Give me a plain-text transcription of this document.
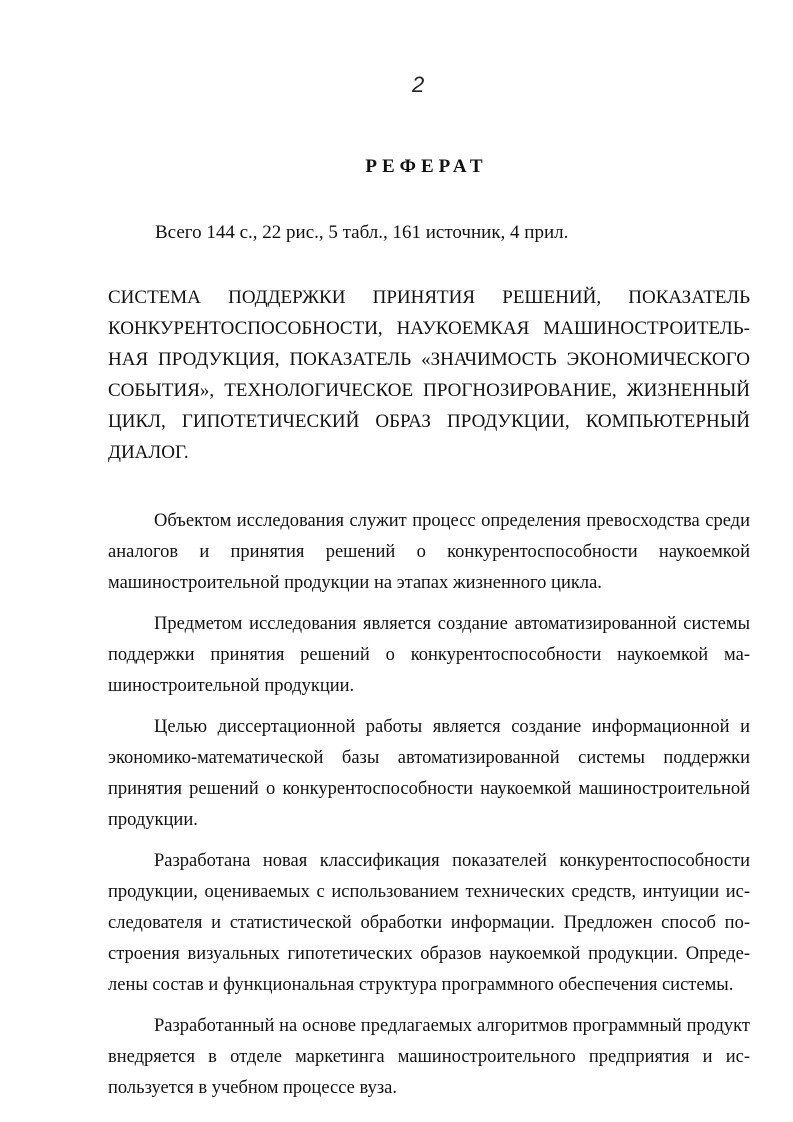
2
РЕФЕРАТ
Всего 144 с., 22 рис., 5 табл., 161 источник, 4 прил.
СИСТЕМА ПОДДЕРЖКИ ПРИНЯТИЯ РЕШЕНИЙ, ПОКАЗАТЕЛЬ КОНКУРЕНТОСПОСОБНОСТИ, НАУКОЕМКАЯ МАШИНОСТРОИТЕЛЬНАЯ ПРОДУКЦИЯ, ПОКАЗАТЕЛЬ «ЗНАЧИМОСТЬ ЭКОНОМИЧЕСКОГО СОБЫТИЯ», ТЕХНОЛОГИЧЕСКОЕ ПРОГНОЗИРОВАНИЕ, ЖИЗНЕННЫЙ ЦИКЛ, ГИПОТЕТИЧЕСКИЙ ОБРАЗ ПРОДУКЦИИ, КОМПЬЮТЕРНЫЙ ДИАЛОГ.

Объектом исследования служит процесс определения превосходства среди аналогов и принятия решений о конкурентоспособности наукоемкой машиностроительной продукции на этапах жизненного цикла.

Предметом исследования является создание автоматизированной системы поддержки принятия решений о конкурентоспособности наукоемкой машиностроительной продукции.

Целью диссертационной работы является создание информационной и экономико-математической базы автоматизированной системы поддержки принятия решений о конкурентоспособности наукоемкой машиностроительной продукции.

Разработана новая классификация показателей конкурентоспособности продукции, оцениваемых с использованием технических средств, интуиции исследователя и статистической обработки информации. Предложен способ построения визуальных гипотетических образов наукоемкой продукции. Определены состав и функциональная структура программного обеспечения системы.

Разработанный на основе предлагаемых алгоритмов программный продукт внедряется в отделе маркетинга машиностроительного предприятия и используется в учебном процессе вуза.
